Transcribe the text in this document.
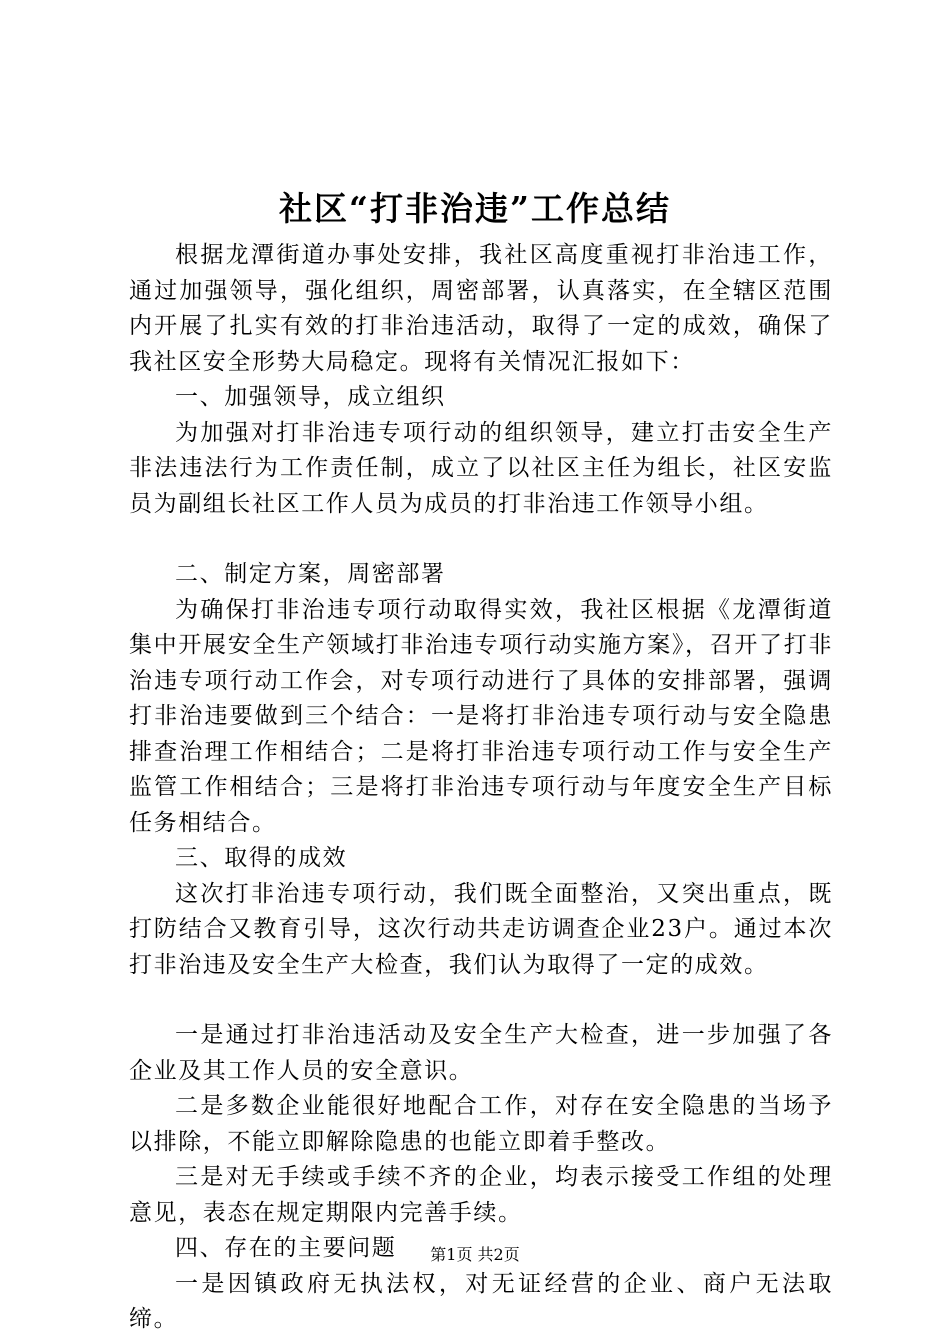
社区“打非治违”工作总结

根据龙潭街道办事处安排，我社区高度重视打非治违工作，通过加强领导，强化组织，周密部署，认真落实，在全辖区范围内开展了扎实有效的打非治违活动，取得了一定的成效，确保了我社区安全形势大局稳定。现将有关情况汇报如下：

一、加强领导，成立组织

为加强对打非治违专项行动的组织领导，建立打击安全生产非法违法行为工作责任制，成立了以社区主任为组长，社区安监员为副组长社区工作人员为成员的打非治违工作领导小组。

二、制定方案，周密部署

为确保打非治违专项行动取得实效，我社区根据《龙潭街道集中开展安全生产领域打非治违专项行动实施方案》，召开了打非治违专项行动工作会，对专项行动进行了具体的安排部署，强调打非治违要做到三个结合：一是将打非治违专项行动与安全隐患排查治理工作相结合；二是将打非治违专项行动工作与安全生产监管工作相结合；三是将打非治违专项行动与年度安全生产目标任务相结合。

三、取得的成效

这次打非治违专项行动，我们既全面整治，又突出重点，既打防结合又教育引导，这次行动共走访调查企业23户。通过本次打非治违及安全生产大检查，我们认为取得了一定的成效。

一是通过打非治违活动及安全生产大检查，进一步加强了各企业及其工作人员的安全意识。

二是多数企业能很好地配合工作，对存在安全隐患的当场予以排除，不能立即解除隐患的也能立即着手整改。

三是对无手续或手续不齐的企业，均表示接受工作组的处理意见，表态在规定期限内完善手续。

四、存在的主要问题

一是因镇政府无执法权，对无证经营的企业、商户无法取缔。

第1页 共2页
